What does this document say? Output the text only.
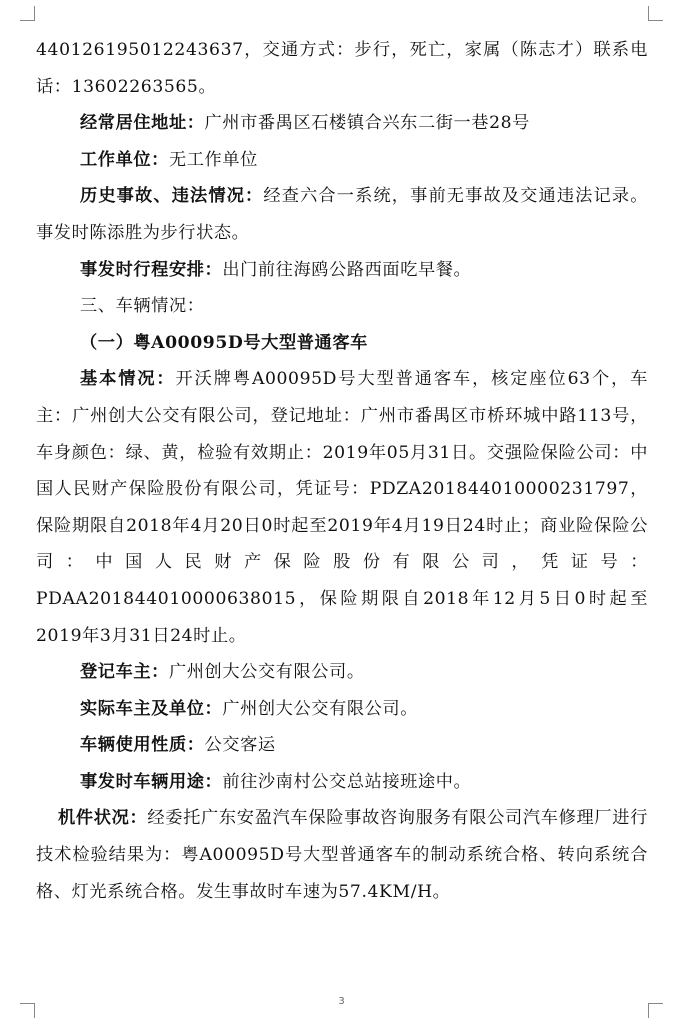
440126195012243637，交通方式：步行，死亡，家属（陈志才）联系电话：13602263565。

经常居住地址：广州市番禺区石楼镇合兴东二街一巷28号

工作单位：无工作单位

历史事故、违法情况：经查六合一系统，事前无事故及交通违法记录。事发时陈添胜为步行状态。

事发时行程安排：出门前往海鸥公路西面吃早餐。

三、车辆情况：

（一）粤A00095D号大型普通客车

基本情况：开沃牌粤A00095D号大型普通客车，核定座位63个，车主：广州创大公交有限公司，登记地址：广州市番禺区市桥环城中路113号，车身颜色：绿、黄，检验有效期止：2019年05月31日。交强险保险公司：中国人民财产保险股份有限公司，凭证号：PDZA201844010000231797，保险期限自2018年4月20日0时起至2019年4月19日24时止；商业险保险公司：中国人民财产保险股份有限公司，凭证号：PDAA201844010000638015，保险期限自2018年12月5日0时起至2019年3月31日24时止。

登记车主：广州创大公交有限公司。

实际车主及单位：广州创大公交有限公司。

车辆使用性质：公交客运

事发时车辆用途：前往沙南村公交总站接班途中。

机件状况：经委托广东安盈汽车保险事故咨询服务有限公司汽车修理厂进行技术检验结果为：粤A00095D号大型普通客车的制动系统合格、转向系统合格、灯光系统合格。发生事故时车速为57.4KM/H。

3
